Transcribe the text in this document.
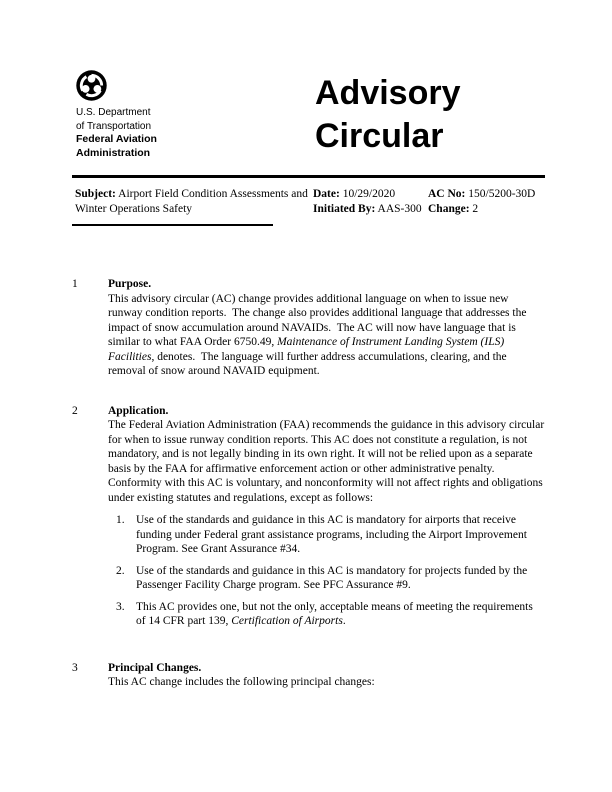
U.S. Department
of Transportation
Federal Aviation
Administration
Advisory
Circular
Subject: Airport Field Condition Assessments and Winter Operations Safety
Date: 10/29/2020
Initiated By: AAS-300
AC No: 150/5200-30D
Change: 2
1	Purpose.

This advisory circular (AC) change provides additional language on when to issue new runway condition reports.  The change also provides additional language that addresses the impact of snow accumulation around NAVAIDs.  The AC will now have language that is similar to what FAA Order 6750.49, Maintenance of Instrument Landing System (ILS) Facilities, denotes.  The language will further address accumulations, clearing, and the removal of snow around NAVAID equipment.

2	Application.

The Federal Aviation Administration (FAA) recommends the guidance in this advisory circular for when to issue runway condition reports. This AC does not constitute a regulation, is not mandatory, and is not legally binding in its own right. It will not be relied upon as a separate basis by the FAA for affirmative enforcement action or other administrative penalty. Conformity with this AC is voluntary, and nonconformity will not affect rights and obligations under existing statutes and regulations, except as follows:

1. Use of the standards and guidance in this AC is mandatory for airports that receive funding under Federal grant assistance programs, including the Airport Improvement Program. See Grant Assurance #34.
2. Use of the standards and guidance in this AC is mandatory for projects funded by the Passenger Facility Charge program. See PFC Assurance #9.
3. This AC provides one, but not the only, acceptable means of meeting the requirements of 14 CFR part 139, Certification of Airports.
3	Principal Changes.

This AC change includes the following principal changes:
